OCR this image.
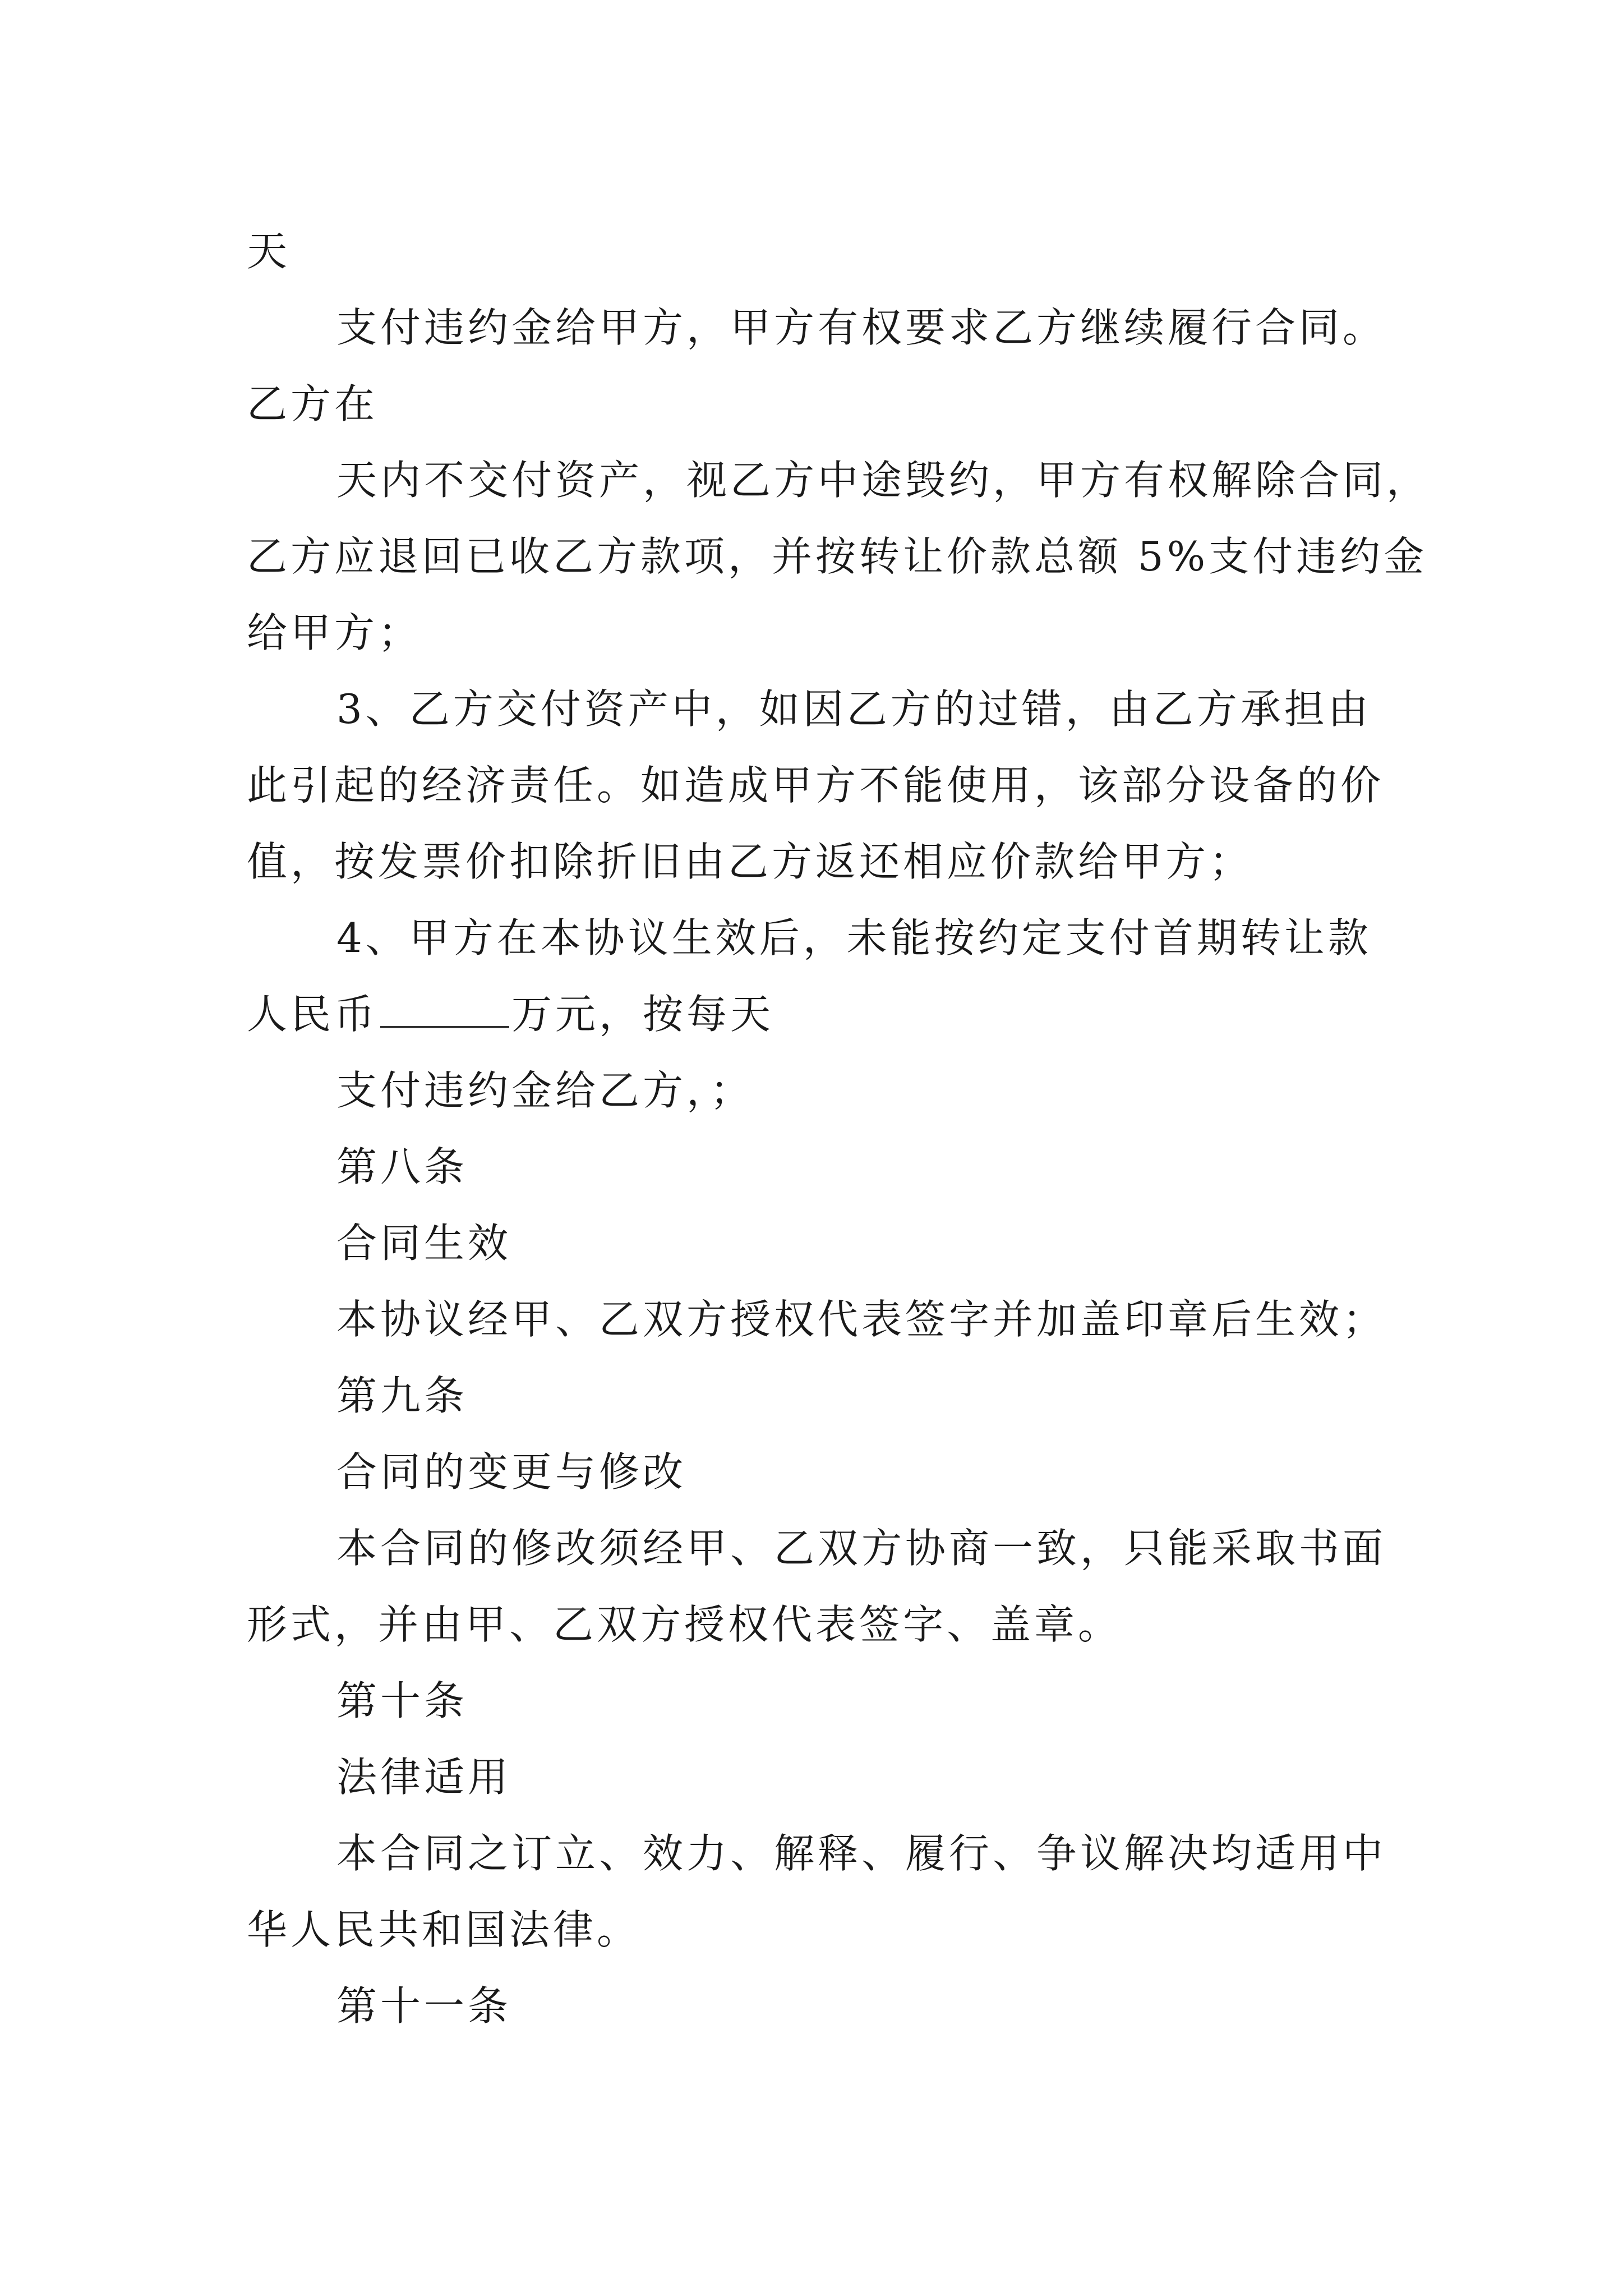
天
支付违约金给甲方，甲方有权要求乙方继续履行合同。
乙方在
天内不交付资产，视乙方中途毁约，甲方有权解除合同，
乙方应退回已收乙方款项，并按转让价款总额 5%支付违约金
给甲方；
3、乙方交付资产中，如因乙方的过错，由乙方承担由
此引起的经济责任。如造成甲方不能使用，该部分设备的价
值，按发票价扣除折旧由乙方返还相应价款给甲方；
4、甲方在本协议生效后，未能按约定支付首期转让款
人民币	万元，按每天
支付违约金给乙方，；
第八条
合同生效
本协议经甲、乙双方授权代表签字并加盖印章后生效；
第九条
合同的变更与修改
本合同的修改须经甲、乙双方协商一致，只能采取书面
形式，并由甲、乙双方授权代表签字、盖章。
第十条
法律适用
本合同之订立、效力、解释、履行、争议解决均适用中
华人民共和国法律。
第十一条
